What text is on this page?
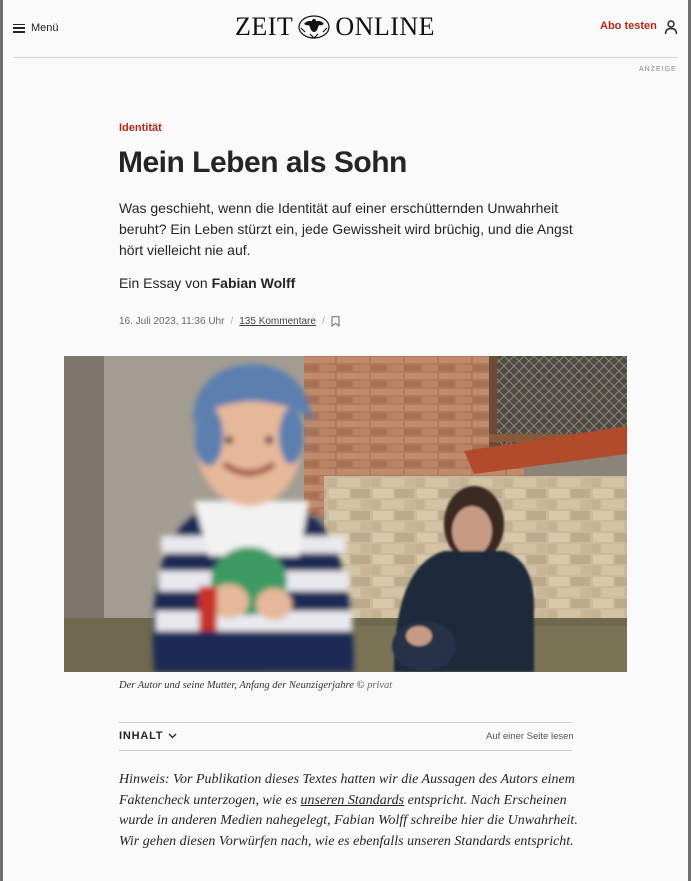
Menü	ZEIT ONLINE	Abo testen
ANZEIGE
Identität
Mein Leben als Sohn

Was geschieht, wenn die Identität auf einer erschütternden Unwahrheit beruht? Ein Leben stürzt ein, jede Gewissheit wird brüchig, und die Angst hört vielleicht nie auf.

Ein Essay von Fabian Wolff
16. Juli 2023, 11:36 Uhr / 135 Kommentare /

Der Autor und seine Mutter, Anfang der Neunzigerjahre © privat

INHALT	Auf einer Seite lesen

Hinweis: Vor Publikation dieses Textes hatten wir die Aussagen des Autors einem Faktencheck unterzogen, wie es unseren Standards entspricht. Nach Erscheinen wurde in anderen Medien nahegelegt, Fabian Wolff schreibe hier die Unwahrheit. Wir gehen diesen Vorwürfen nach, wie es ebenfalls unseren Standards entspricht.
